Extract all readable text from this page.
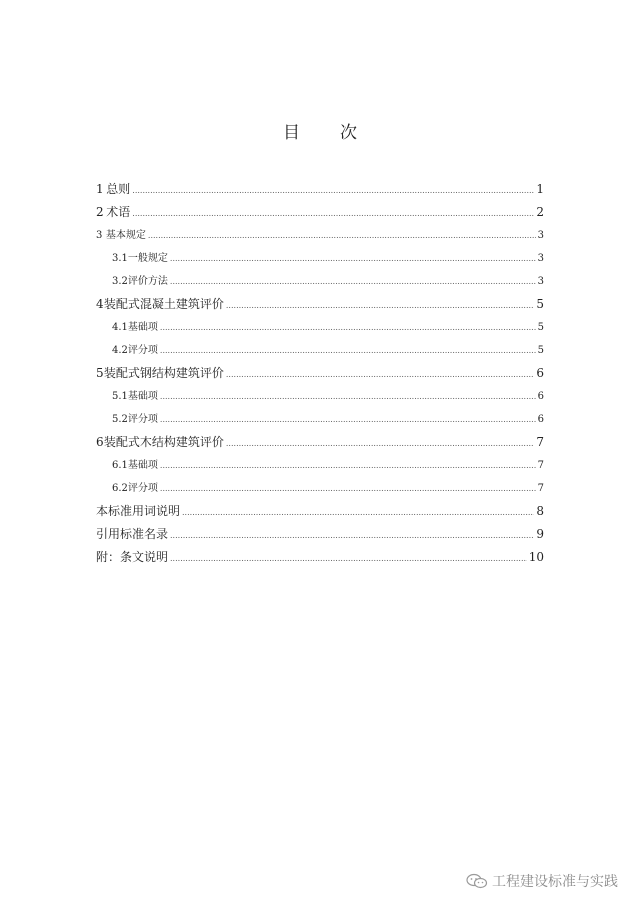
目 次
1 总则 .....	1
2 术语 .....	2
3 基本规定 .....	3
3.1 一般规定 .....	3
3.2 评价方法 .....	3
4 装配式混凝土建筑评价 .....	5
4.1 基础项 .....	5
4.2 评分项 .....	5
5 装配式钢结构建筑评价 .....	6
5.1 基础项 .....	6
5.2 评分项 .....	6
6 装配式木结构建筑评价 .....	7
6.1 基础项 .....	7
6.2 评分项 .....	7
本标准用词说明 .....	8
引用标准名录 .....	9
附：条文说明 .....	10
工程建设标准与实践
